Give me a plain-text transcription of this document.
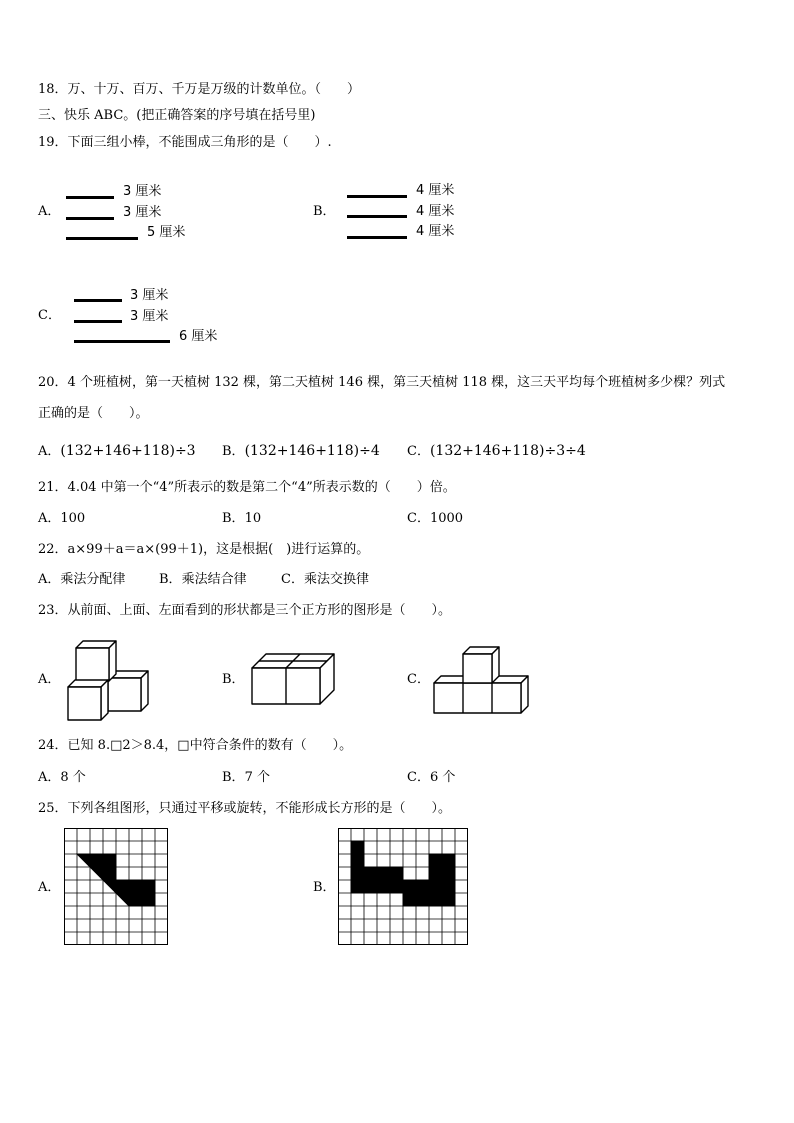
18．万、十万、百万、千万是万级的计数单位。（　　）
三、快乐 ABC。(把正确答案的序号填在括号里)
19．下面三组小棒，不能围成三角形的是（　　）.
A．
3 厘米
3 厘米
5 厘米
B．
4 厘米
4 厘米
4 厘米
C．
3 厘米
3 厘米
6 厘米
20．4 个班植树，第一天植树 132 棵，第二天植树 146 棵，第三天植树 118 棵，这三天平均每个班植树多少棵？列式
正确的是（　　）。
A．(132+146+118)÷3 B．(132+146+118)÷4 C．(132+146+118)÷3÷4
21．4.04 中第一个“4”所表示的数是第二个“4”所表示数的（　　）倍。
A．100	B．10	C．1000
22．a×99＋a＝a×(99＋1)，这是根据(　)进行运算的。
A．乘法分配律	B．乘法结合律	C．乘法交换律
23．从前面、上面、左面看到的形状都是三个正方形的图形是（　　）。
A．	B．	C．
24．已知 8.□2＞8.4，□中符合条件的数有（　　）。
A．8 个	B．7 个	C．6 个
25．下列各组图形，只通过平移或旋转，不能形成长方形的是（　　）。
A．	B．
